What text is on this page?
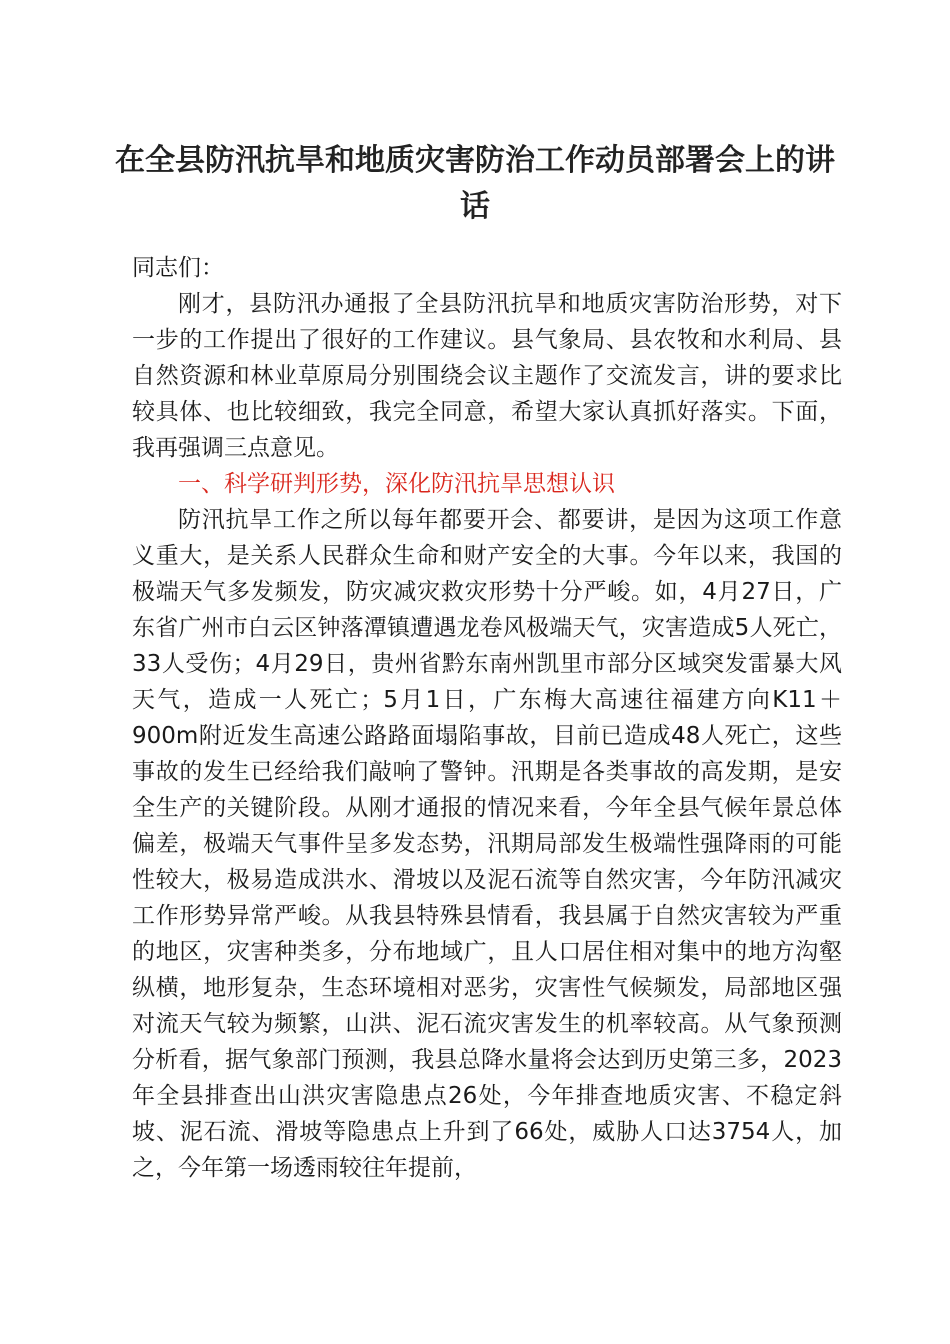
在全县防汛抗旱和地质灾害防治工作动员部署会上的讲话

同志们：

刚才，县防汛办通报了全县防汛抗旱和地质灾害防治形势，对下一步的工作提出了很好的工作建议。县气象局、县农牧和水利局、县自然资源和林业草原局分别围绕会议主题作了交流发言，讲的要求比较具体、也比较细致，我完全同意，希望大家认真抓好落实。下面，我再强调三点意见。

一、科学研判形势，深化防汛抗旱思想认识

防汛抗旱工作之所以每年都要开会、都要讲，是因为这项工作意义重大，是关系人民群众生命和财产安全的大事。今年以来，我国的极端天气多发频发，防灾减灾救灾形势十分严峻。如，4月27日，广东省广州市白云区钟落潭镇遭遇龙卷风极端天气，灾害造成5人死亡，33人受伤；4月29日，贵州省黔东南州凯里市部分区域突发雷暴大风天气，造成一人死亡；5月1日，广东梅大高速往福建方向K11＋900m附近发生高速公路路面塌陷事故，目前已造成48人死亡，这些事故的发生已经给我们敲响了警钟。汛期是各类事故的高发期，是安全生产的关键阶段。从刚才通报的情况来看，今年全县气候年景总体偏差，极端天气事件呈多发态势，汛期局部发生极端性强降雨的可能性较大，极易造成洪水、滑坡以及泥石流等自然灾害，今年防汛减灾工作形势异常严峻。从我县特殊县情看，我县属于自然灾害较为严重的地区，灾害种类多，分布地域广，且人口居住相对集中的地方沟壑纵横，地形复杂，生态环境相对恶劣，灾害性气候频发，局部地区强对流天气较为频繁，山洪、泥石流灾害发生的机率较高。从气象预测分析看，据气象部门预测，我县总降水量将会达到历史第三多，2023年全县排查出山洪灾害隐患点26处，今年排查地质灾害、不稳定斜坡、泥石流、滑坡等隐患点上升到了66处，威胁人口达3754人，加之，今年第一场透雨较往年提前，
